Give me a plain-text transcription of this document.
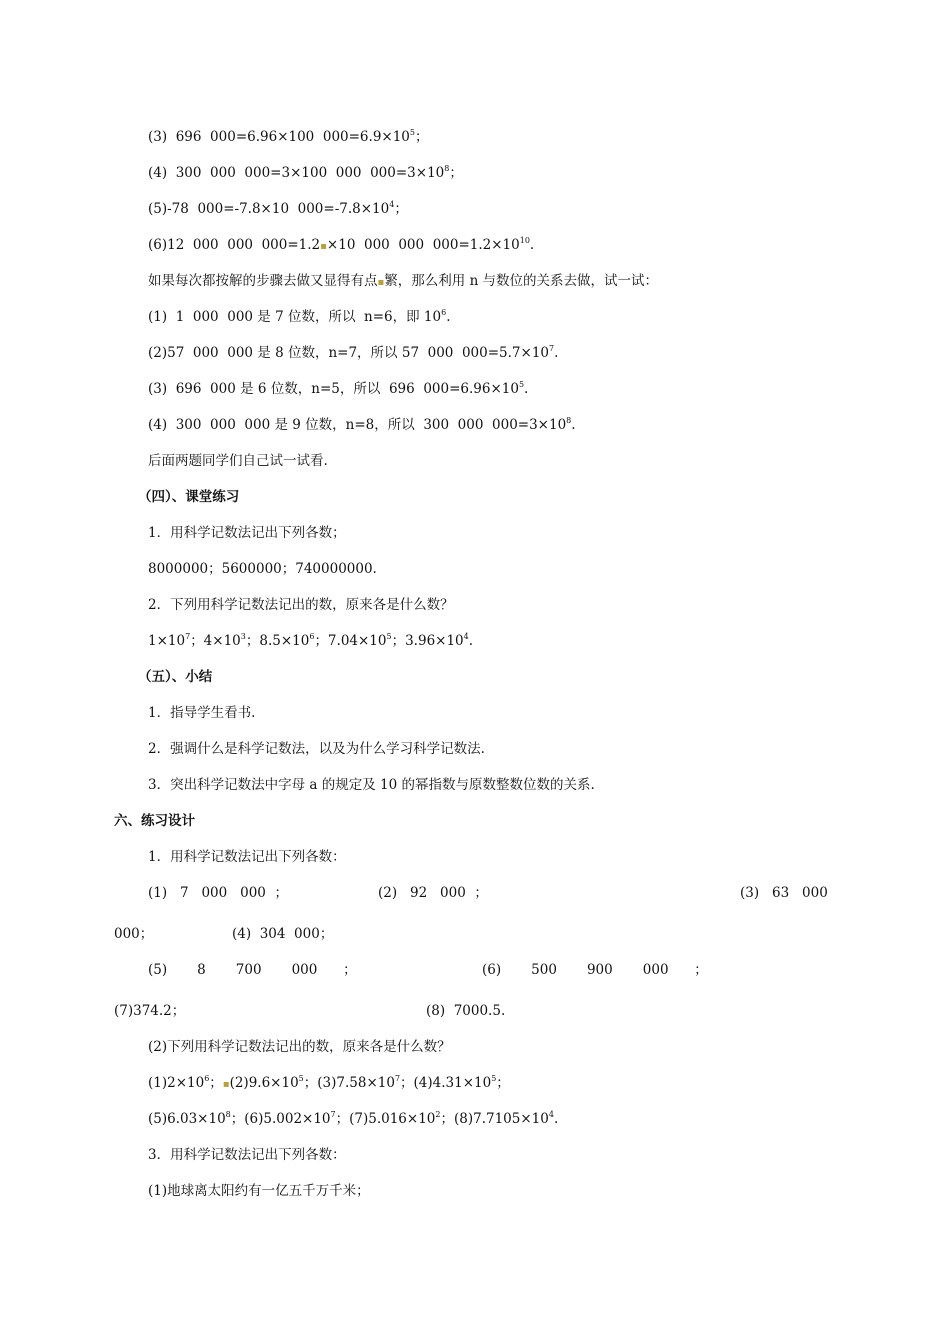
(3)  696  000=6.96×100  $000=6.9\times 10^5$；
(4)  300  000  000=3×100  000  $000=3\times 10^8$；
(5)-78  000=-7.8×10  $000=-7.8\times 10^4$；
(6)12  000  000  000=1.2▪×10  000  000  $000=1.2\times 10^{10}$.
如果每次都按解的步骤去做又显得有点▪繁，那么利用 n 与数位的关系去做，试一试：
(1)  1  000  000 是 7 位数，所以  n=6，即 $10^6$.
(2)57  000  000 是 8 位数，n=7，所以 57  000  $000=5.7\times 10^7$.
(3)  696  000 是 6 位数，n=5，所以  696  $000=6.96\times 10^5$.
(4)  300  000  000 是 9 位数，n=8，所以  300  000  $000=3\times 10^8$.
后面两题同学们自己试一试看.
（四）、课堂练习
1．用科学记数法记出下列各数；
8000000；5600000；740000000.
2．下列用科学记数法记出的数，原来各是什么数？
$1\times 10^7$；$4\times 10^3$；$8.5\times 10^6$；$7.04\times 10^5$；$3.96\times 10^4$.
（五）、小结
1．指导学生看书.
2．强调什么是科学记数法，以及为什么学习科学记数法.
3．突出科学记数法中字母 a 的规定及 10 的幂指数与原数整数位数的关系.
六、练习设计
1．用科学记数法记出下列各数：
(1)   7   000   000  ；	(2)   92   000  ；	(3)   63   000
000；	(4)  304  000；
(5)       8       700       000      ；	(6)       500       900       000      ；
(7)374.2；	(8)  7000.5.
(2)下列用科学记数法记出的数，原来各是什么数？
$(1)2\times 10^6$；$▪(2)9.6\times 10^5$；$(3)7.58\times 10^7$；$(4)4.31\times 10^5$；
$(5)6.03\times 10^8$；$(6)5.002\times 10^7$；$(7)5.016\times 10^2$；$(8)7.7105\times 10^4$.
3．用科学记数法记出下列各数：
(1)地球离太阳约有一亿五千万千米；
